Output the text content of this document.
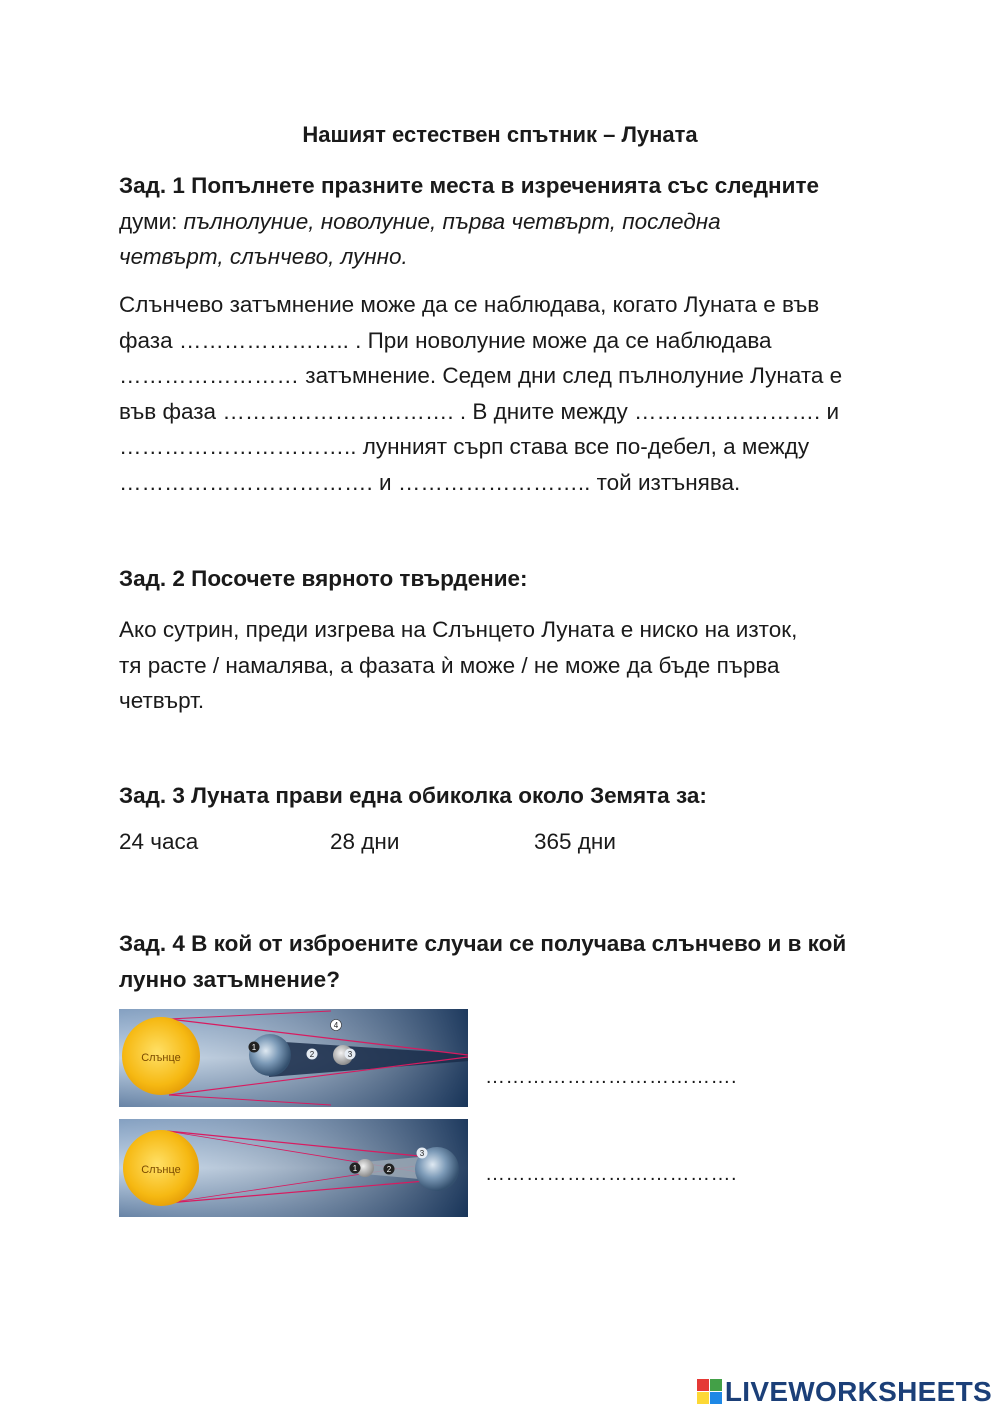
Нашият естествен спътник – Луната
Зад. 1 Попълнете празните места в изреченията със следните
думи: пълнолуние, новолуние, първа четвърт, последна
четвърт, слънчево, лунно.
Слънчево затъмнение може да се наблюдава, когато Луната е във
фаза ………………….. . При новолуние може да се наблюдава
…………………… затъмнение. Седем дни след пълнолуние Луната е
във фаза …………………………. . В дните между ……………………. и
………………………….. лунният сърп става все по-дебел, а между
……………………………. и …………………….. той изтънява.
Зад. 2 Посочете вярното твърдение:
Ако сутрин, преди изгрева на Слънцето Луната е ниско на изток,
тя расте / намалява, а фазата ѝ може / не може да бъде първа
четвърт.
Зад. 3 Луната прави една обиколка около Земята за:
24 часа	28 дни	365 дни
Зад. 4 В кой от изброените случаи се получава слънчево и в кой
лунно затъмнение?
Слънце
4
1
2	3
……………………………….
Слънце	1	2
3
……………………………….
LIVEWORKSHEETS
